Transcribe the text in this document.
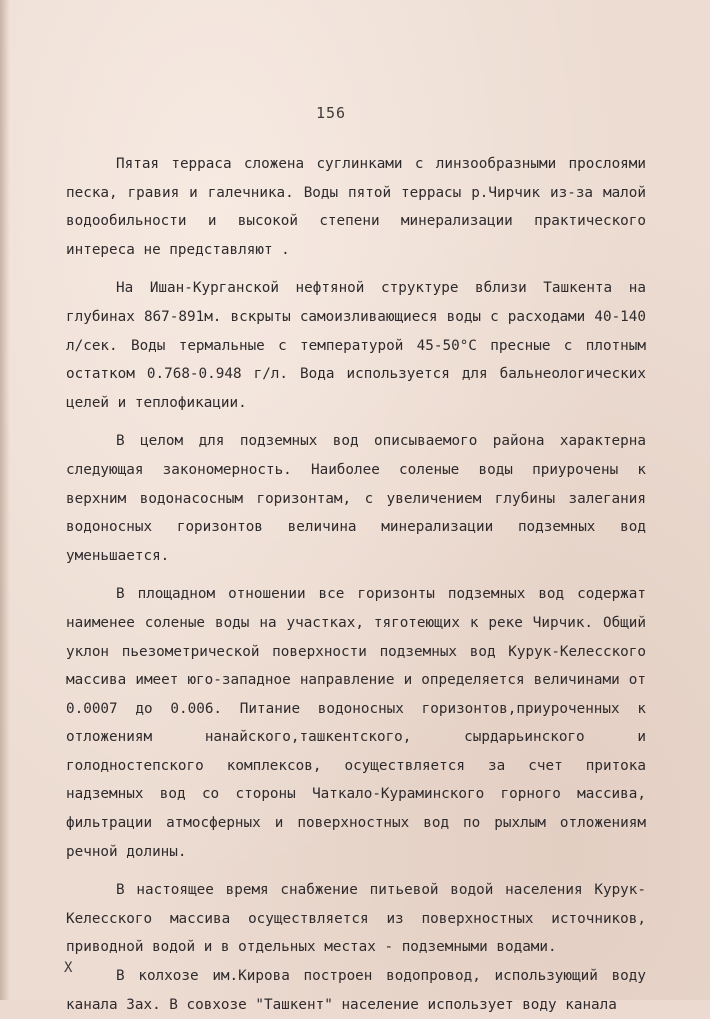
156

Пятая терраса сложена суглинками с линзообразными прослоями песка, гравия и галечника. Воды пятой террасы р.Чирчик из-за малой водообильности и высокой степени минерализации практического интереса не представляют .

На Ишан-Курганской нефтяной структуре вблизи Ташкента на глубинах 867-891м. вскрыты самоизливающиеся воды с расходами 40-140 л/сек. Воды термальные с температурой 45-50°С пресные с плотным остатком 0.768-0.948 г/л. Вода используется для бальнеологических целей и теплофикации.

В целом для подземных вод описываемого района характерна следующая закономерность. Наиболее соленые воды приурочены к верхним водонасосным горизонтам, с увеличением глубины залегания водоносных горизонтов величина минерализации подземных вод уменьшается.

В площадном отношении все горизонты подземных вод содержат наименее соленые воды на участках, тяготеющих к реке Чирчик. Общий уклон пьезометрической поверхности подземных вод Курук-Келесского массива имеет юго-западное направление и определяется величинами от 0.0007 до 0.006. Питание водоносных горизонтов,приуроченных к отложениям нанайского,ташкентского, сырдарьинского и голодностепского комплексов, осуществляется за счет притока надземных вод со стороны Чаткало-Кураминского горного массива, фильтрации атмосферных и поверхностных вод по рыхлым отложениям речной долины.

В настоящее время снабжение питьевой водой населения Курук-Келесского массива осуществляется из поверхностных источников, приводной водой и в отдельных местах - подземными водами.

В колхозе им.Кирова построен водопровод, использующий воду канала Зах. В совхозе "Ташкент" население использует воду канала

X
